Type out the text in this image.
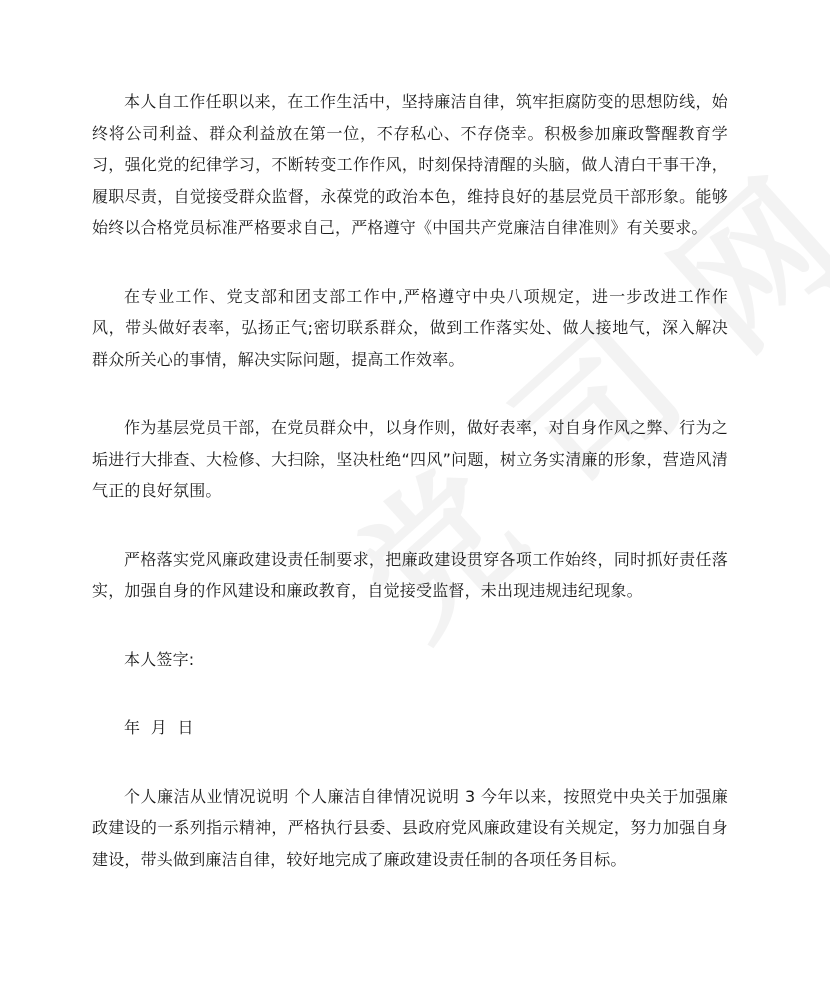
本人自工作任职以来，在工作生活中，坚持廉洁自律，筑牢拒腐防变的思想防线，始终将公司利益、群众利益放在第一位，不存私心、不存侥幸。积极参加廉政警醒教育学习，强化党的纪律学习，不断转变工作作风，时刻保持清醒的头脑，做人清白干事干净，履职尽责，自觉接受群众监督，永葆党的政治本色，维持良好的基层党员干部形象。能够始终以合格党员标准严格要求自己，严格遵守《中国共产党廉洁自律准则》有关要求。

在专业工作、党支部和团支部工作中,严格遵守中央八项规定，进一步改进工作作风，带头做好表率，弘扬正气;密切联系群众，做到工作落实处、做人接地气，深入解决群众所关心的事情，解决实际问题，提高工作效率。

作为基层党员干部，在党员群众中，以身作则，做好表率，对自身作风之弊、行为之垢进行大排查、大检修、大扫除，坚决杜绝“四风”问题，树立务实清廉的形象，营造风清气正的良好氛围。

严格落实党风廉政建设责任制要求，把廉政建设贯穿各项工作始终，同时抓好责任落实，加强自身的作风建设和廉政教育，自觉接受监督，未出现违规违纪现象。

本人签字:

年  月  日

个人廉洁从业情况说明 个人廉洁自律情况说明 3 今年以来，按照党中央关于加强廉政建设的一系列指示精神，严格执行县委、县政府党风廉政建设有关规定，努力加强自身建设，带头做到廉洁自律，较好地完成了廉政建设责任制的各项任务目标。
